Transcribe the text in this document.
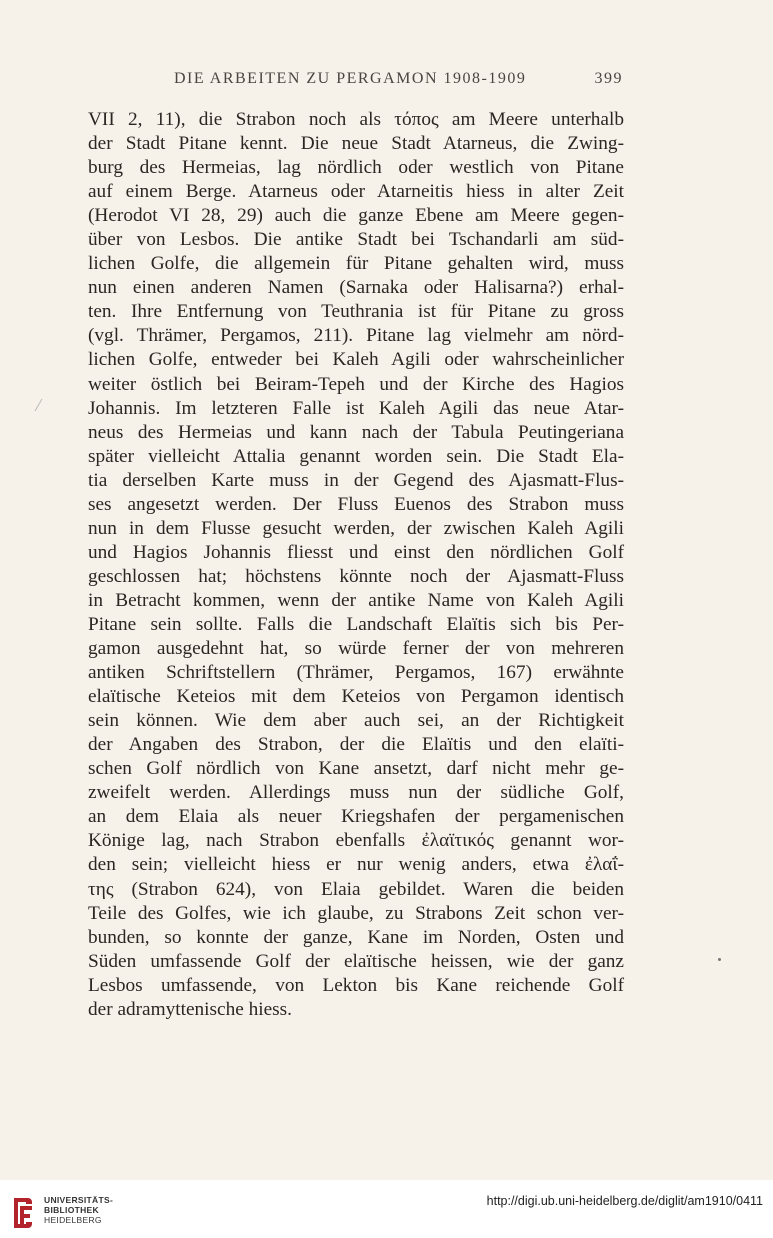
DIE ARBEITEN ZU PERGAMON 1908-1909	399
VII 2, 11), die Strabon noch als τόπος am Meere unterhalb
der Stadt Pitane kennt. Die neue Stadt Atarneus, die Zwing-
burg des Hermeias, lag nördlich oder westlich von Pitane
auf einem Berge. Atarneus oder Atarneitis hiess in alter Zeit
(Herodot VI 28, 29) auch die ganze Ebene am Meere gegen-
über von Lesbos. Die antike Stadt bei Tschandarli am süd-
lichen Golfe, die allgemein für Pitane gehalten wird, muss
nun einen anderen Namen (Sarnaka oder Halisarna?) erhal-
ten. Ihre Entfernung von Teuthrania ist für Pitane zu gross
(vgl. Thrämer, Pergamos, 211). Pitane lag vielmehr am nörd-
lichen Golfe, entweder bei Kaleh Agili oder wahrscheinlicher
weiter östlich bei Beiram-Tepeh und der Kirche des Hagios
Johannis. Im letzteren Falle ist Kaleh Agili das neue Atar-
neus des Hermeias und kann nach der Tabula Peutingeriana
später vielleicht Attalia genannt worden sein. Die Stadt Ela-
tia derselben Karte muss in der Gegend des Ajasmatt-Flus-
ses angesetzt werden. Der Fluss Euenos des Strabon muss
nun in dem Flusse gesucht werden, der zwischen Kaleh Agili
und Hagios Johannis fliesst und einst den nördlichen Golf
geschlossen hat; höchstens könnte noch der Ajasmatt-Fluss
in Betracht kommen, wenn der antike Name von Kaleh Agili
Pitane sein sollte. Falls die Landschaft Elaïtis sich bis Per-
gamon ausgedehnt hat, so würde ferner der von mehreren
antiken Schriftstellern (Thrämer, Pergamos, 167) erwähnte
elaïtische Keteios mit dem Keteios von Pergamon identisch
sein können. Wie dem aber auch sei, an der Richtigkeit
der Angaben des Strabon, der die Elaïtis und den elaïti-
schen Golf nördlich von Kane ansetzt, darf nicht mehr ge-
zweifelt werden. Allerdings muss nun der südliche Golf,
an dem Elaia als neuer Kriegshafen der pergamenischen
Könige lag, nach Strabon ebenfalls ἐλαϊτικός genannt wor-
den sein; vielleicht hiess er nur wenig anders, etwa ἐλαΐ-
της (Strabon 624), von Elaia gebildet. Waren die beiden
Teile des Golfes, wie ich glaube, zu Strabons Zeit schon ver-
bunden, so konnte der ganze, Kane im Norden, Osten und
Süden umfassende Golf der elaïtische heissen, wie der ganz
Lesbos umfassende, von Lekton bis Kane reichende Golf
der adramyttenische hiess.
UNIVERSITÄTS-
BIBLIOTHEK
HEIDELBERG
http://digi.ub.uni-heidelberg.de/diglit/am1910/0411
